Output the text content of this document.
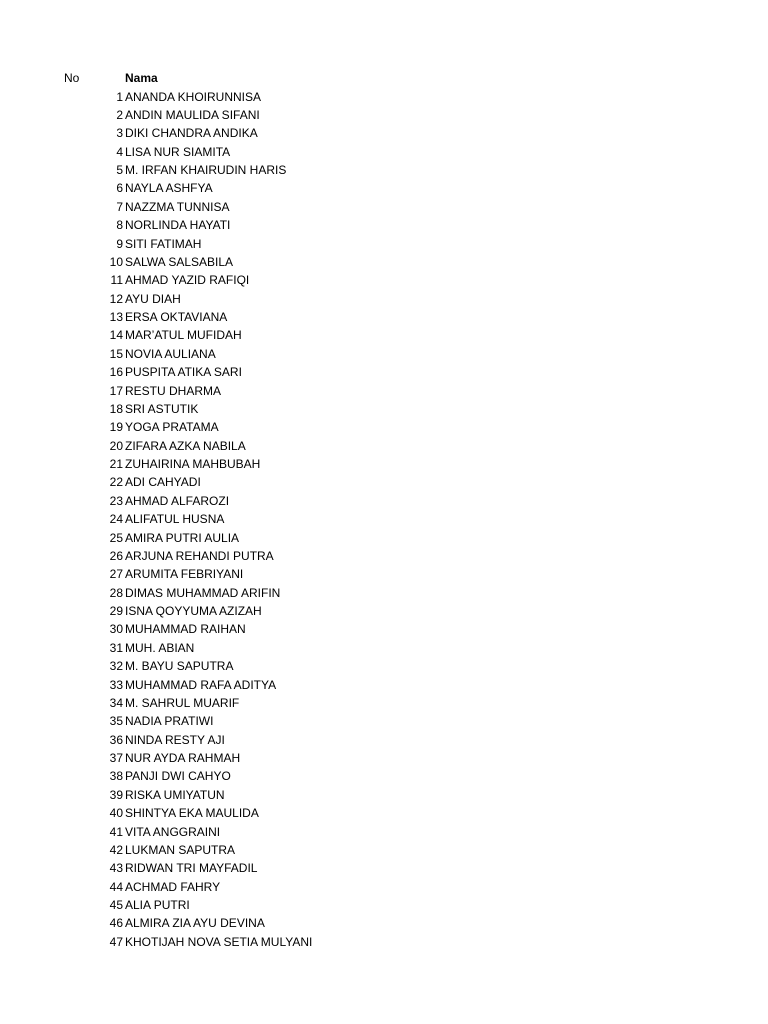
No	Nama
1 ANANDA KHOIRUNNISA
2 ANDIN MAULIDA SIFANI
3 DIKI CHANDRA ANDIKA
4 LISA NUR SIAMITA
5 M. IRFAN KHAIRUDIN HARIS
6 NAYLA ASHFYA
7 NAZZMA TUNNISA
8 NORLINDA HAYATI
9 SITI FATIMAH
10 SALWA SALSABILA
11 AHMAD YAZID RAFIQI
12 AYU DIAH
13 ERSA OKTAVIANA
14 MAR’ATUL MUFIDAH
15 NOVIA AULIANA
16 PUSPITA ATIKA SARI
17 RESTU DHARMA
18 SRI ASTUTIK
19 YOGA PRATAMA
20 ZIFARA AZKA NABILA
21 ZUHAIRINA MAHBUBAH
22 ADI CAHYADI
23 AHMAD ALFAROZI
24 ALIFATUL HUSNA
25 AMIRA PUTRI AULIA
26 ARJUNA REHANDI PUTRA
27 ARUMITA FEBRIYANI
28 DIMAS MUHAMMAD ARIFIN
29 ISNA QOYYUMA AZIZAH
30 MUHAMMAD RAIHAN
31 MUH. ABIAN
32 M. BAYU SAPUTRA
33 MUHAMMAD RAFA ADITYA
34 M. SAHRUL MUARIF
35 NADIA PRATIWI
36 NINDA RESTY AJI
37 NUR AYDA RAHMAH
38 PANJI DWI CAHYO
39 RISKA UMIYATUN
40 SHINTYA EKA MAULIDA
41 VITA ANGGRAINI
42 LUKMAN SAPUTRA
43 RIDWAN TRI MAYFADIL
44 ACHMAD FAHRY
45 ALIA PUTRI
46 ALMIRA ZIA AYU DEVINA
47 KHOTIJAH NOVA SETIA MULYANI
